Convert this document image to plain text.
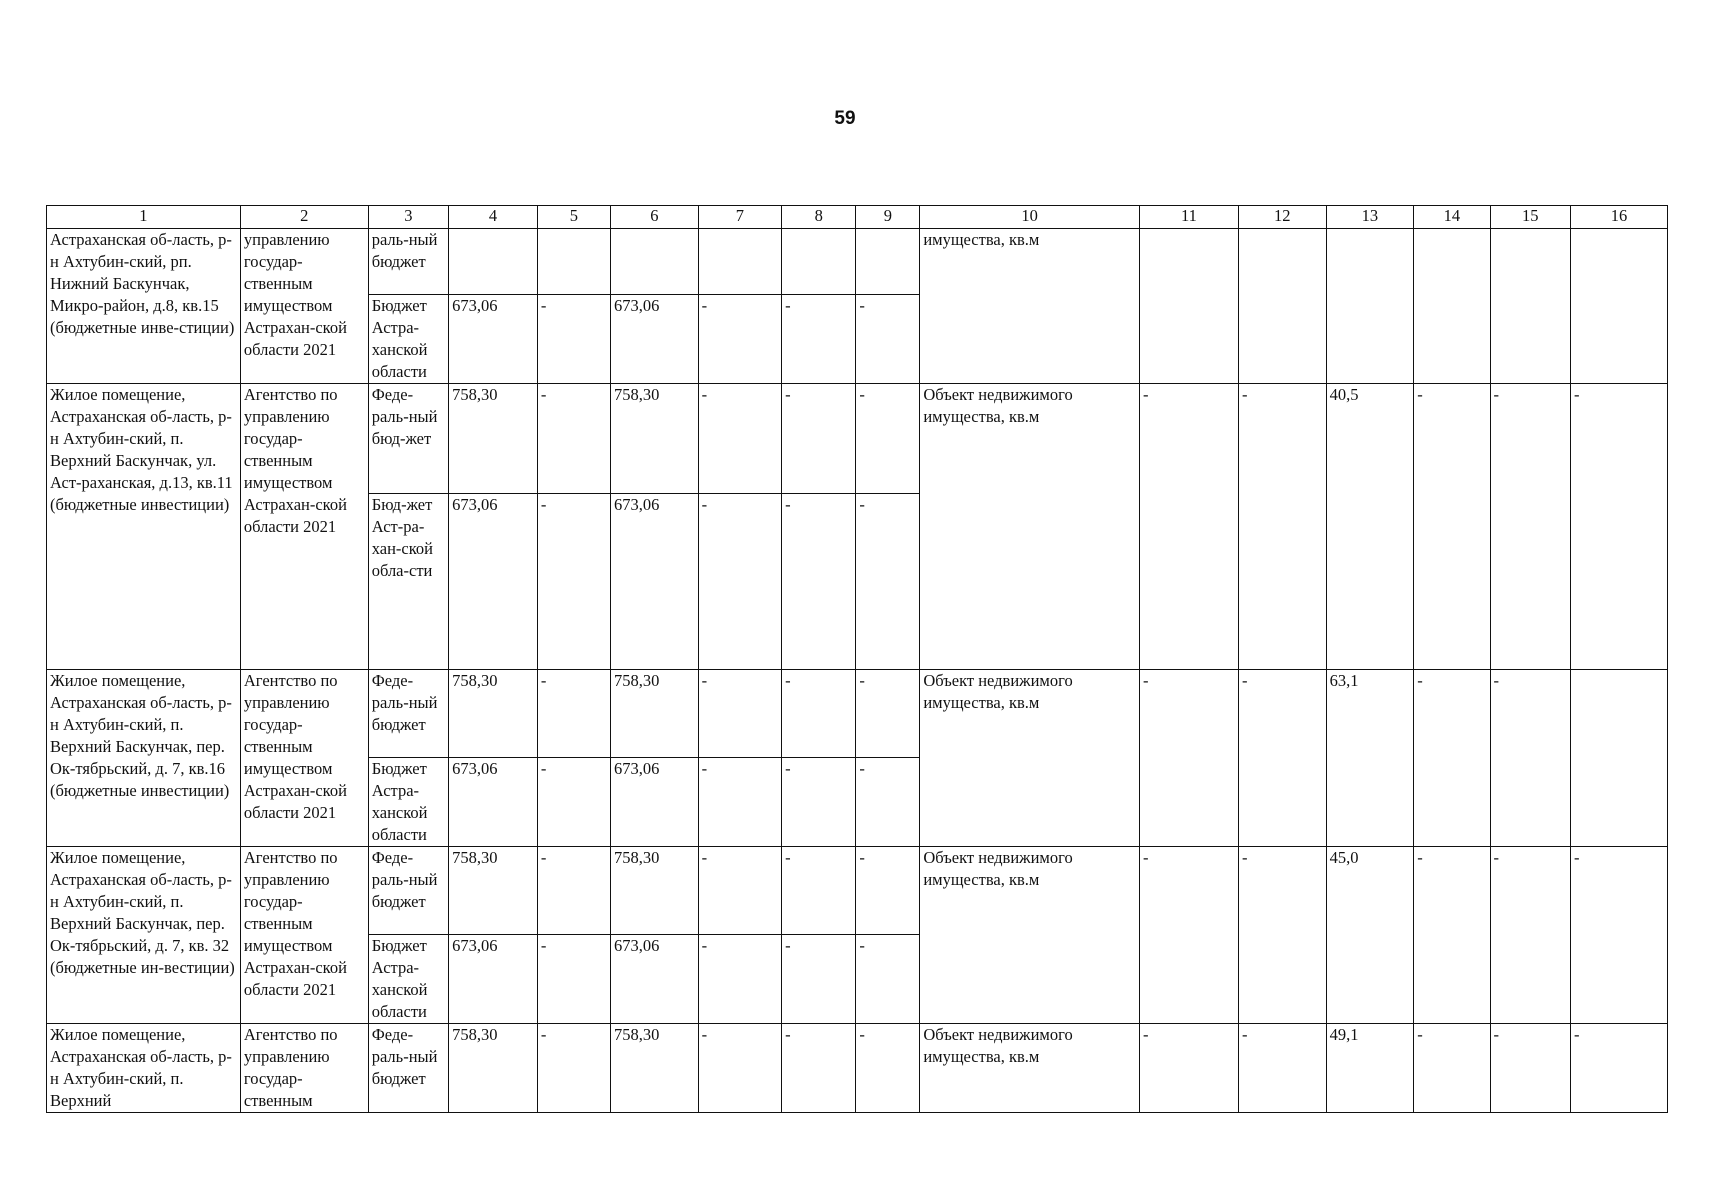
59
1	2	3	4	5	6	7	8	9	10	11	12	13	14	15	16
Астраханская об-ласть, р-н Ахтубин-ский, рп. Нижний Баскунчак, Микро-район, д.8, кв.15 (бюджетные инве-стиции)	управлению государ-ственным имуществом Астрахан-ской области 2021	раль-ный бюджет							имущества, кв.м						
		Бюджет Астра-ханской области	673,06	-	673,06	-	-	-							
Жилое помещение, Астраханская об-ласть, р-н Ахтубин-ский, п. Верхний Баскунчак, ул. Аст-раханская, д.13, кв.11 (бюджетные инвестиции)	Агентство по управлению государ-ственным имуществом Астрахан-ской области 2021	Феде-раль-ный бюд-жет	758,30	-	758,30	-	-	-	Объект недвижимого имущества, кв.м	-	-	40,5	-	-	-
		Бюд-жет Аст-ра-хан-ской обла-сти	673,06	-	673,06	-	-	-							
Жилое помещение, Астраханская об-ласть, р-н Ахтубин-ский, п. Верхний Баскунчак, пер. Ок-тябрьский, д. 7, кв.16 (бюджетные инвестиции)	Агентство по управлению государ-ственным имуществом Астрахан-ской области 2021	Феде-раль-ный бюджет	758,30	-	758,30	-	-	-	Объект недвижимого имущества, кв.м	-	-	63,1	-	-	
		Бюджет Астра-ханской области	673,06	-	673,06	-	-	-							
Жилое помещение, Астраханская об-ласть, р-н Ахтубин-ский, п. Верхний Баскунчак, пер. Ок-тябрьский, д. 7, кв. 32 (бюджетные ин-вестиции)	Агентство по управлению государ-ственным имуществом Астрахан-ской области 2021	Феде-раль-ный бюджет	758,30	-	758,30	-	-	-	Объект недвижимого имущества, кв.м	-	-	45,0	-	-	-
		Бюджет Астра-ханской области	673,06	-	673,06	-	-	-							
Жилое помещение, Астраханская об-ласть, р-н Ахтубин-ский, п. Верхний	Агентство по управлению государ-ственным	Феде-раль-ный бюджет	758,30	-	758,30	-	-	-	Объект недвижимого имущества, кв.м	-	-	49,1	-	-	-
